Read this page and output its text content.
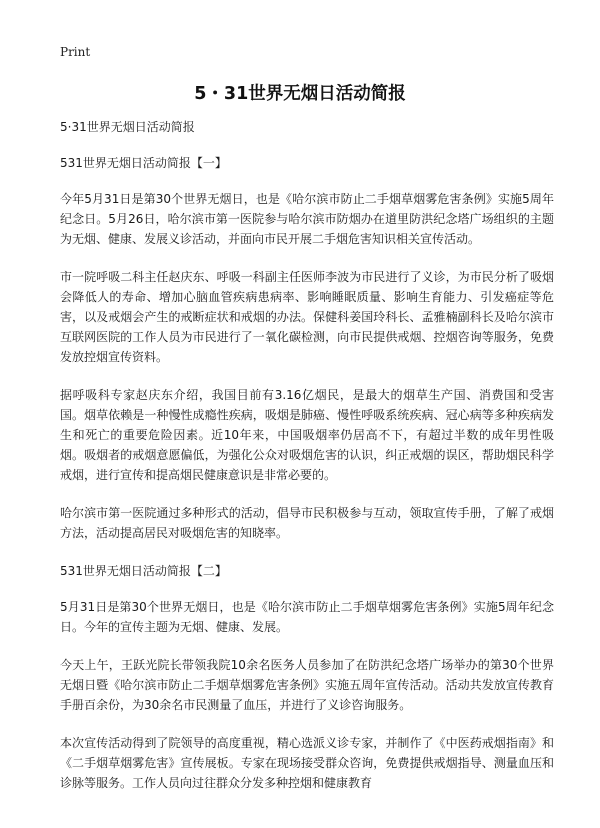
Print
5・31世界无烟日活动简报

5·31世界无烟日活动简报

531世界无烟日活动简报【一】

今年5月31日是第30个世界无烟日，也是《哈尔滨市防止二手烟草烟雾危害条例》实施5周年纪念日。5月26日，哈尔滨市第一医院参与哈尔滨市防烟办在道里防洪纪念塔广场组织的主题为无烟、健康、发展义诊活动，并面向市民开展二手烟危害知识相关宣传活动。

市一院呼吸二科主任赵庆东、呼吸一科副主任医师李波为市民进行了义诊，为市民分析了吸烟会降低人的寿命、增加心脑血管疾病患病率、影响睡眠质量、影响生育能力、引发癌症等危害，以及戒烟会产生的戒断症状和戒烟的办法。保健科姜国玲科长、孟雅楠副科长及哈尔滨市互联网医院的工作人员为市民进行了一氧化碳检测，向市民提供戒烟、控烟咨询等服务，免费发放控烟宣传资料。

据呼吸科专家赵庆东介绍，我国目前有3.16亿烟民，是最大的烟草生产国、消费国和受害国。烟草依赖是一种慢性成瘾性疾病，吸烟是肺癌、慢性呼吸系统疾病、冠心病等多种疾病发生和死亡的重要危险因素。近10年来，中国吸烟率仍居高不下，有超过半数的成年男性吸烟。吸烟者的戒烟意愿偏低，为强化公众对吸烟危害的认识，纠正戒烟的误区，帮助烟民科学戒烟，进行宣传和提高烟民健康意识是非常必要的。

哈尔滨市第一医院通过多种形式的活动，倡导市民积极参与互动，领取宣传手册，了解了戒烟方法，活动提高居民对吸烟危害的知晓率。

531世界无烟日活动简报【二】

5月31日是第30个世界无烟日，也是《哈尔滨市防止二手烟草烟雾危害条例》实施5周年纪念日。今年的宣传主题为无烟、健康、发展。

今天上午，王跃光院长带领我院10余名医务人员参加了在防洪纪念塔广场举办的第30个世界无烟日暨《哈尔滨市防止二手烟草烟雾危害条例》实施五周年宣传活动。活动共发放宣传教育手册百余份，为30余名市民测量了血压，并进行了义诊咨询服务。

本次宣传活动得到了院领导的高度重视，精心选派义诊专家，并制作了《中医药戒烟指南》和《二手烟草烟雾危害》宣传展板。专家在现场接受群众咨询，免费提供戒烟指导、测量血压和诊脉等服务。工作人员向过往群众分发多种控烟和健康教育
